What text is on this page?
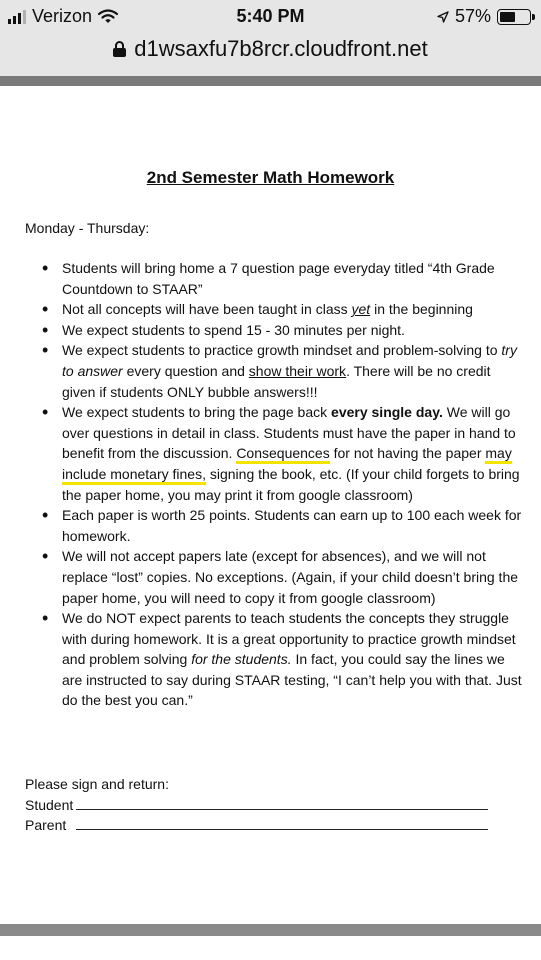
Verizon	5:40 PM	57%
d1wsaxfu7b8rcr.cloudfront.net
2nd Semester Math Homework
Monday - Thursday:
• Students will bring home a 7 question page everyday titled “4th Grade Countdown to STAAR”
• Not all concepts will have been taught in class yet in the beginning
• We expect students to spend 15 - 30 minutes per night.
• We expect students to practice growth mindset and problem-solving to try to answer every question and show their work. There will be no credit given if students ONLY bubble answers!!!
• We expect students to bring the page back every single day. We will go over questions in detail in class. Students must have the paper in hand to benefit from the discussion. Consequences for not having the paper may include monetary fines, signing the book, etc. (If your child forgets to bring the paper home, you may print it from google classroom)
• Each paper is worth 25 points. Students can earn up to 100 each week for homework.
• We will not accept papers late (except for absences), and we will not replace “lost” copies. No exceptions. (Again, if your child doesn’t bring the paper home, you will need to copy it from google classroom)
• We do NOT expect parents to teach students the concepts they struggle with during homework. It is a great opportunity to practice growth mindset and problem solving for the students. In fact, you could say the lines we are instructed to say during STAAR testing, “I can’t help you with that. Just do the best you can.”
Please sign and return:
Student
Parent
